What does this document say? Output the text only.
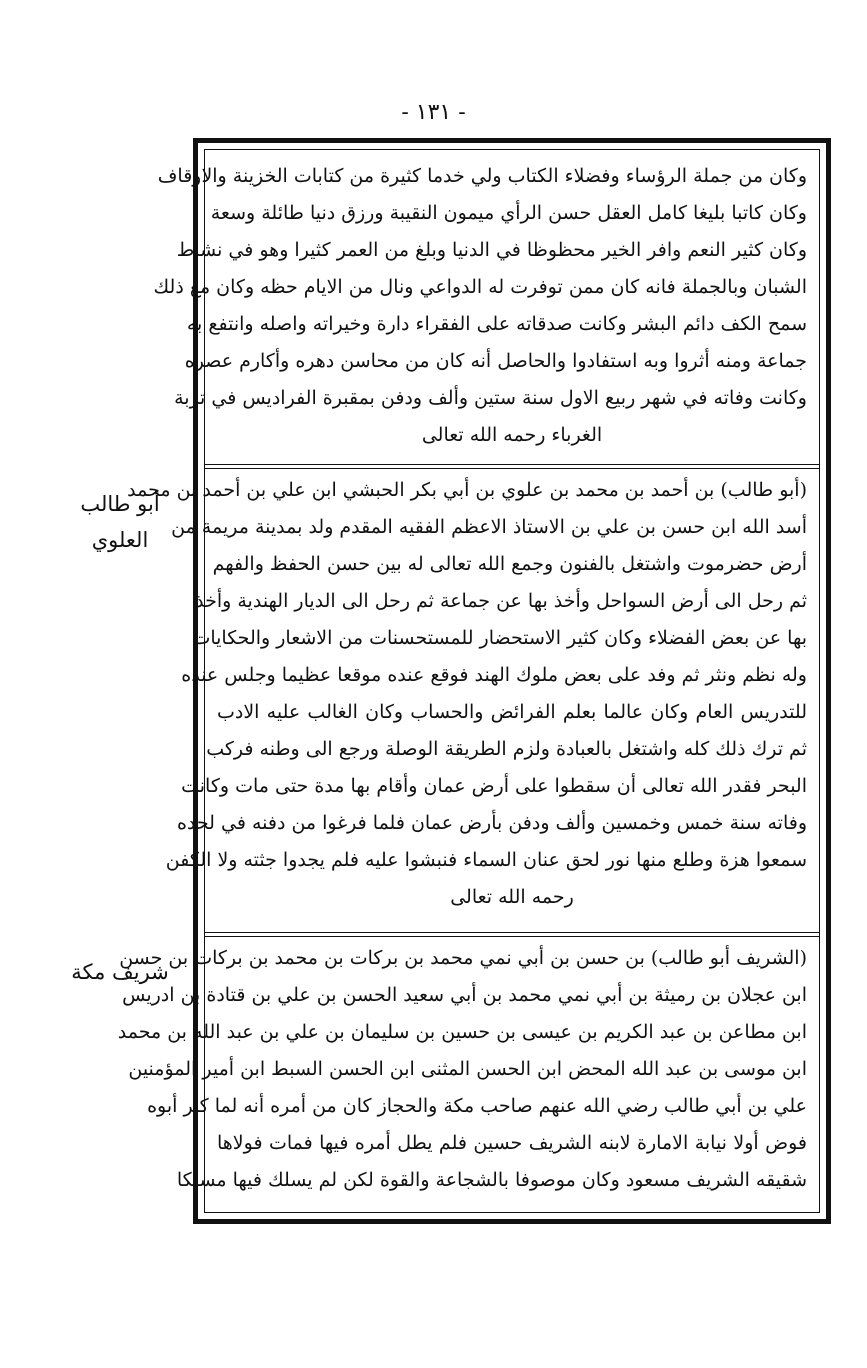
- ١٣١ -
وكان من جملة الرؤساء وفضلاء الكتاب ولي خدما كثيرة من كتابات الخزينة والاوقاف
وكان كاتبا بليغا كامل العقل حسن الرأي ميمون النقيبة ورزق دنيا طائلة وسعة
وكان كثير النعم وافر الخير محظوظا في الدنيا وبلغ من العمر كثيرا وهو في نشاط
الشبان وبالجملة فانه كان ممن توفرت له الدواعي ونال من الايام حظه وكان مع ذلك
سمح الكف دائم البشر وكانت صدقاته على الفقراء دارة وخيراته واصله وانتفع به
جماعة ومنه أثروا وبه استفادوا والحاصل أنه كان من محاسن دهره وأكارم عصره
وكانت وفاته في شهر ربيع الاول سنة ستين وألف ودفن بمقبرة الفراديس في تربة
الغرباء رحمه الله تعالى
(أبو طالب) بن أحمد بن محمد بن علوي بن أبي بكر الحبشي ابن علي بن أحمد بن محمد
أسد الله ابن حسن بن علي بن الاستاذ الاعظم الفقيه المقدم ولد بمدينة مريمة من
أرض حضرموت واشتغل بالفنون وجمع الله تعالى له بين حسن الحفظ والفهم
ثم رحل الى أرض السواحل وأخذ بها عن جماعة ثم رحل الى الديار الهندية وأخذ
بها عن بعض الفضلاء وكان كثير الاستحضار للمستحسنات من الاشعار والحكايات
وله نظم ونثر ثم وفد على بعض ملوك الهند فوقع عنده موقعا عظيما وجلس عنده
للتدريس العام وكان عالما بعلم الفرائض والحساب وكان الغالب عليه الادب
ثم ترك ذلك كله واشتغل بالعبادة ولزم الطريقة الوصلة ورجع الى وطنه فركب
البحر فقدر الله تعالى أن سقطوا على أرض عمان وأقام بها مدة حتى مات وكانت
وفاته سنة خمس وخمسين وألف ودفن بأرض عمان فلما فرغوا من دفنه في لحده
سمعوا هزة وطلع منها نور لحق عنان السماء فنبشوا عليه فلم يجدوا جثته ولا الكفن
رحمه الله تعالى
(الشريف أبو طالب) بن حسن بن أبي نمي محمد بن بركات بن محمد بن بركات بن حسن
ابن عجلان بن رميثة بن أبي نمي محمد بن أبي سعيد الحسن بن علي بن قتادة بن ادريس
ابن مطاعن بن عبد الكريم بن عيسى بن حسين بن سليمان بن علي بن عبد الله بن محمد
ابن موسى بن عبد الله المحض ابن الحسن المثنى ابن الحسن السبط ابن أمير المؤمنين
علي بن أبي طالب رضي الله عنهم صاحب مكة والحجاز كان من أمره أنه لما كبر أبوه
فوض أولا نيابة الامارة لابنه الشريف حسين فلم يطل أمره فيها فمات فولاها
شقيقه الشريف مسعود وكان موصوفا بالشجاعة والقوة لكن لم يسلك فيها مسلكا
أبو طالب
العلوي
شريف مكة
